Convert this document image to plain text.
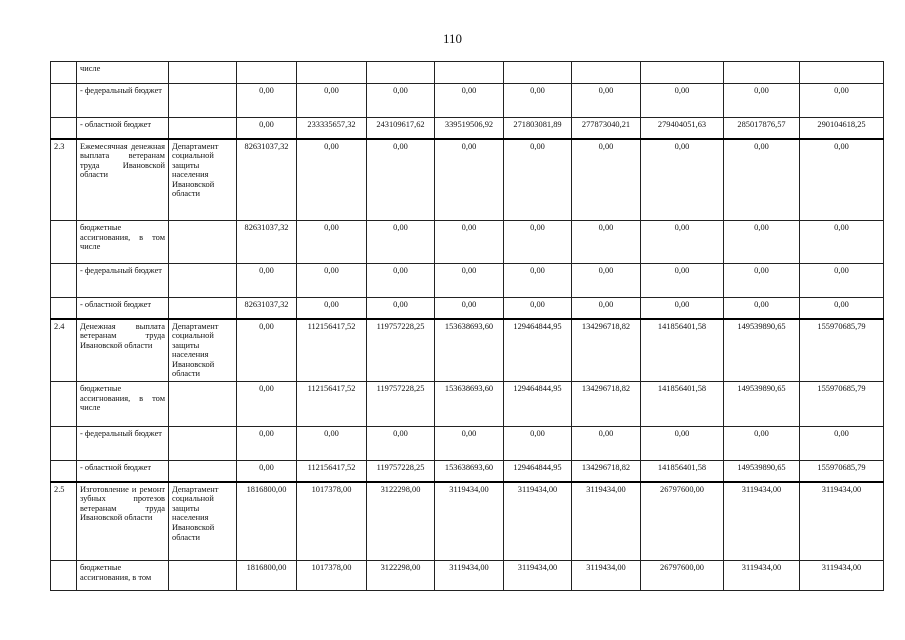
110
	числе										
	- федеральный бюджет		0,00	0,00	0,00	0,00	0,00	0,00	0,00	0,00	0,00
	- областной бюджет		0,00	233335657,32	243109617,62	339519506,92	271803081,89	277873040,21	279404051,63	285017876,57	290104618,25
2.3	Ежемесячная денежная выплата ветеранам труда Ивановской области	Департамент социальной защиты населения Ивановской области	82631037,32	0,00	0,00	0,00	0,00	0,00	0,00	0,00	0,00
	бюджетные ассигнования, в том числе		82631037,32	0,00	0,00	0,00	0,00	0,00	0,00	0,00	0,00
	- федеральный бюджет		0,00	0,00	0,00	0,00	0,00	0,00	0,00	0,00	0,00
	- областной бюджет		82631037,32	0,00	0,00	0,00	0,00	0,00	0,00	0,00	0,00
2.4	Денежная выплата ветеранам труда Ивановской области	Департамент социальной защиты населения Ивановской области	0,00	112156417,52	119757228,25	153638693,60	129464844,95	134296718,82	141856401,58	149539890,65	155970685,79
	бюджетные ассигнования, в том числе		0,00	112156417,52	119757228,25	153638693,60	129464844,95	134296718,82	141856401,58	149539890,65	155970685,79
	- федеральный бюджет		0,00	0,00	0,00	0,00	0,00	0,00	0,00	0,00	0,00
	- областной бюджет		0,00	112156417,52	119757228,25	153638693,60	129464844,95	134296718,82	141856401,58	149539890,65	155970685,79
2.5	Изготовление и ремонт зубных протезов ветеранам труда Ивановской области	Департамент социальной защиты населения Ивановской области	1816800,00	1017378,00	3122298,00	3119434,00	3119434,00	3119434,00	26797600,00	3119434,00	3119434,00
	бюджетные ассигнования, в том		1816800,00	1017378,00	3122298,00	3119434,00	3119434,00	3119434,00	26797600,00	3119434,00	3119434,00
